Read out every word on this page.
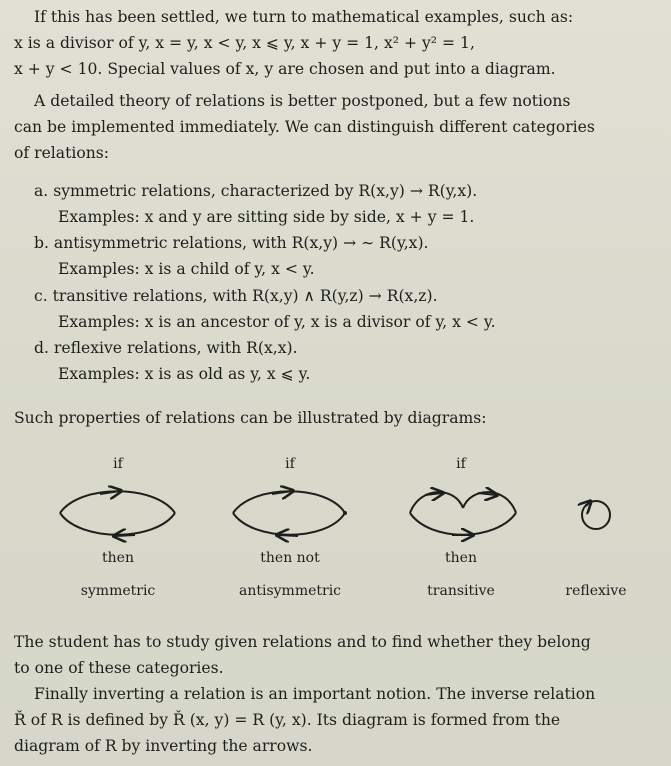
If this has been settled, we turn to mathematical examples, such as:
x is a divisor of y, x = y, x < y, x ⩽ y, x + y = 1, x² + y² = 1,
x + y < 10. Special values of x, y are chosen and put into a diagram.

A detailed theory of relations is better postponed, but a few notions
can be implemented immediately. We can distinguish different categories
of relations:

a. symmetric relations, characterized by R(x,y) → R(y,x).
Examples: x and y are sitting side by side, x + y = 1.
b. antisymmetric relations, with R(x,y) → ∼ R(y,x).
Examples: x is a child of y, x < y.
c. transitive relations, with R(x,y) ∧ R(y,z) → R(x,z).
Examples: x is an ancestor of y, x is a divisor of y, x < y.
d. reflexive relations, with R(x,x).
Examples: x is as old as y, x ⩽ y.
Such properties of relations can be illustrated by diagrams:
if	if	if
then	then not	then
symmetric	antisymmetric	transitive	reflexive

The student has to study given relations and to find whether they belong
to one of these categories.

Finally inverting a relation is an important notion. The inverse relation
Ř of R is defined by Ř (x, y) = R (y, x). Its diagram is formed from the
diagram of R by inverting the arrows.
